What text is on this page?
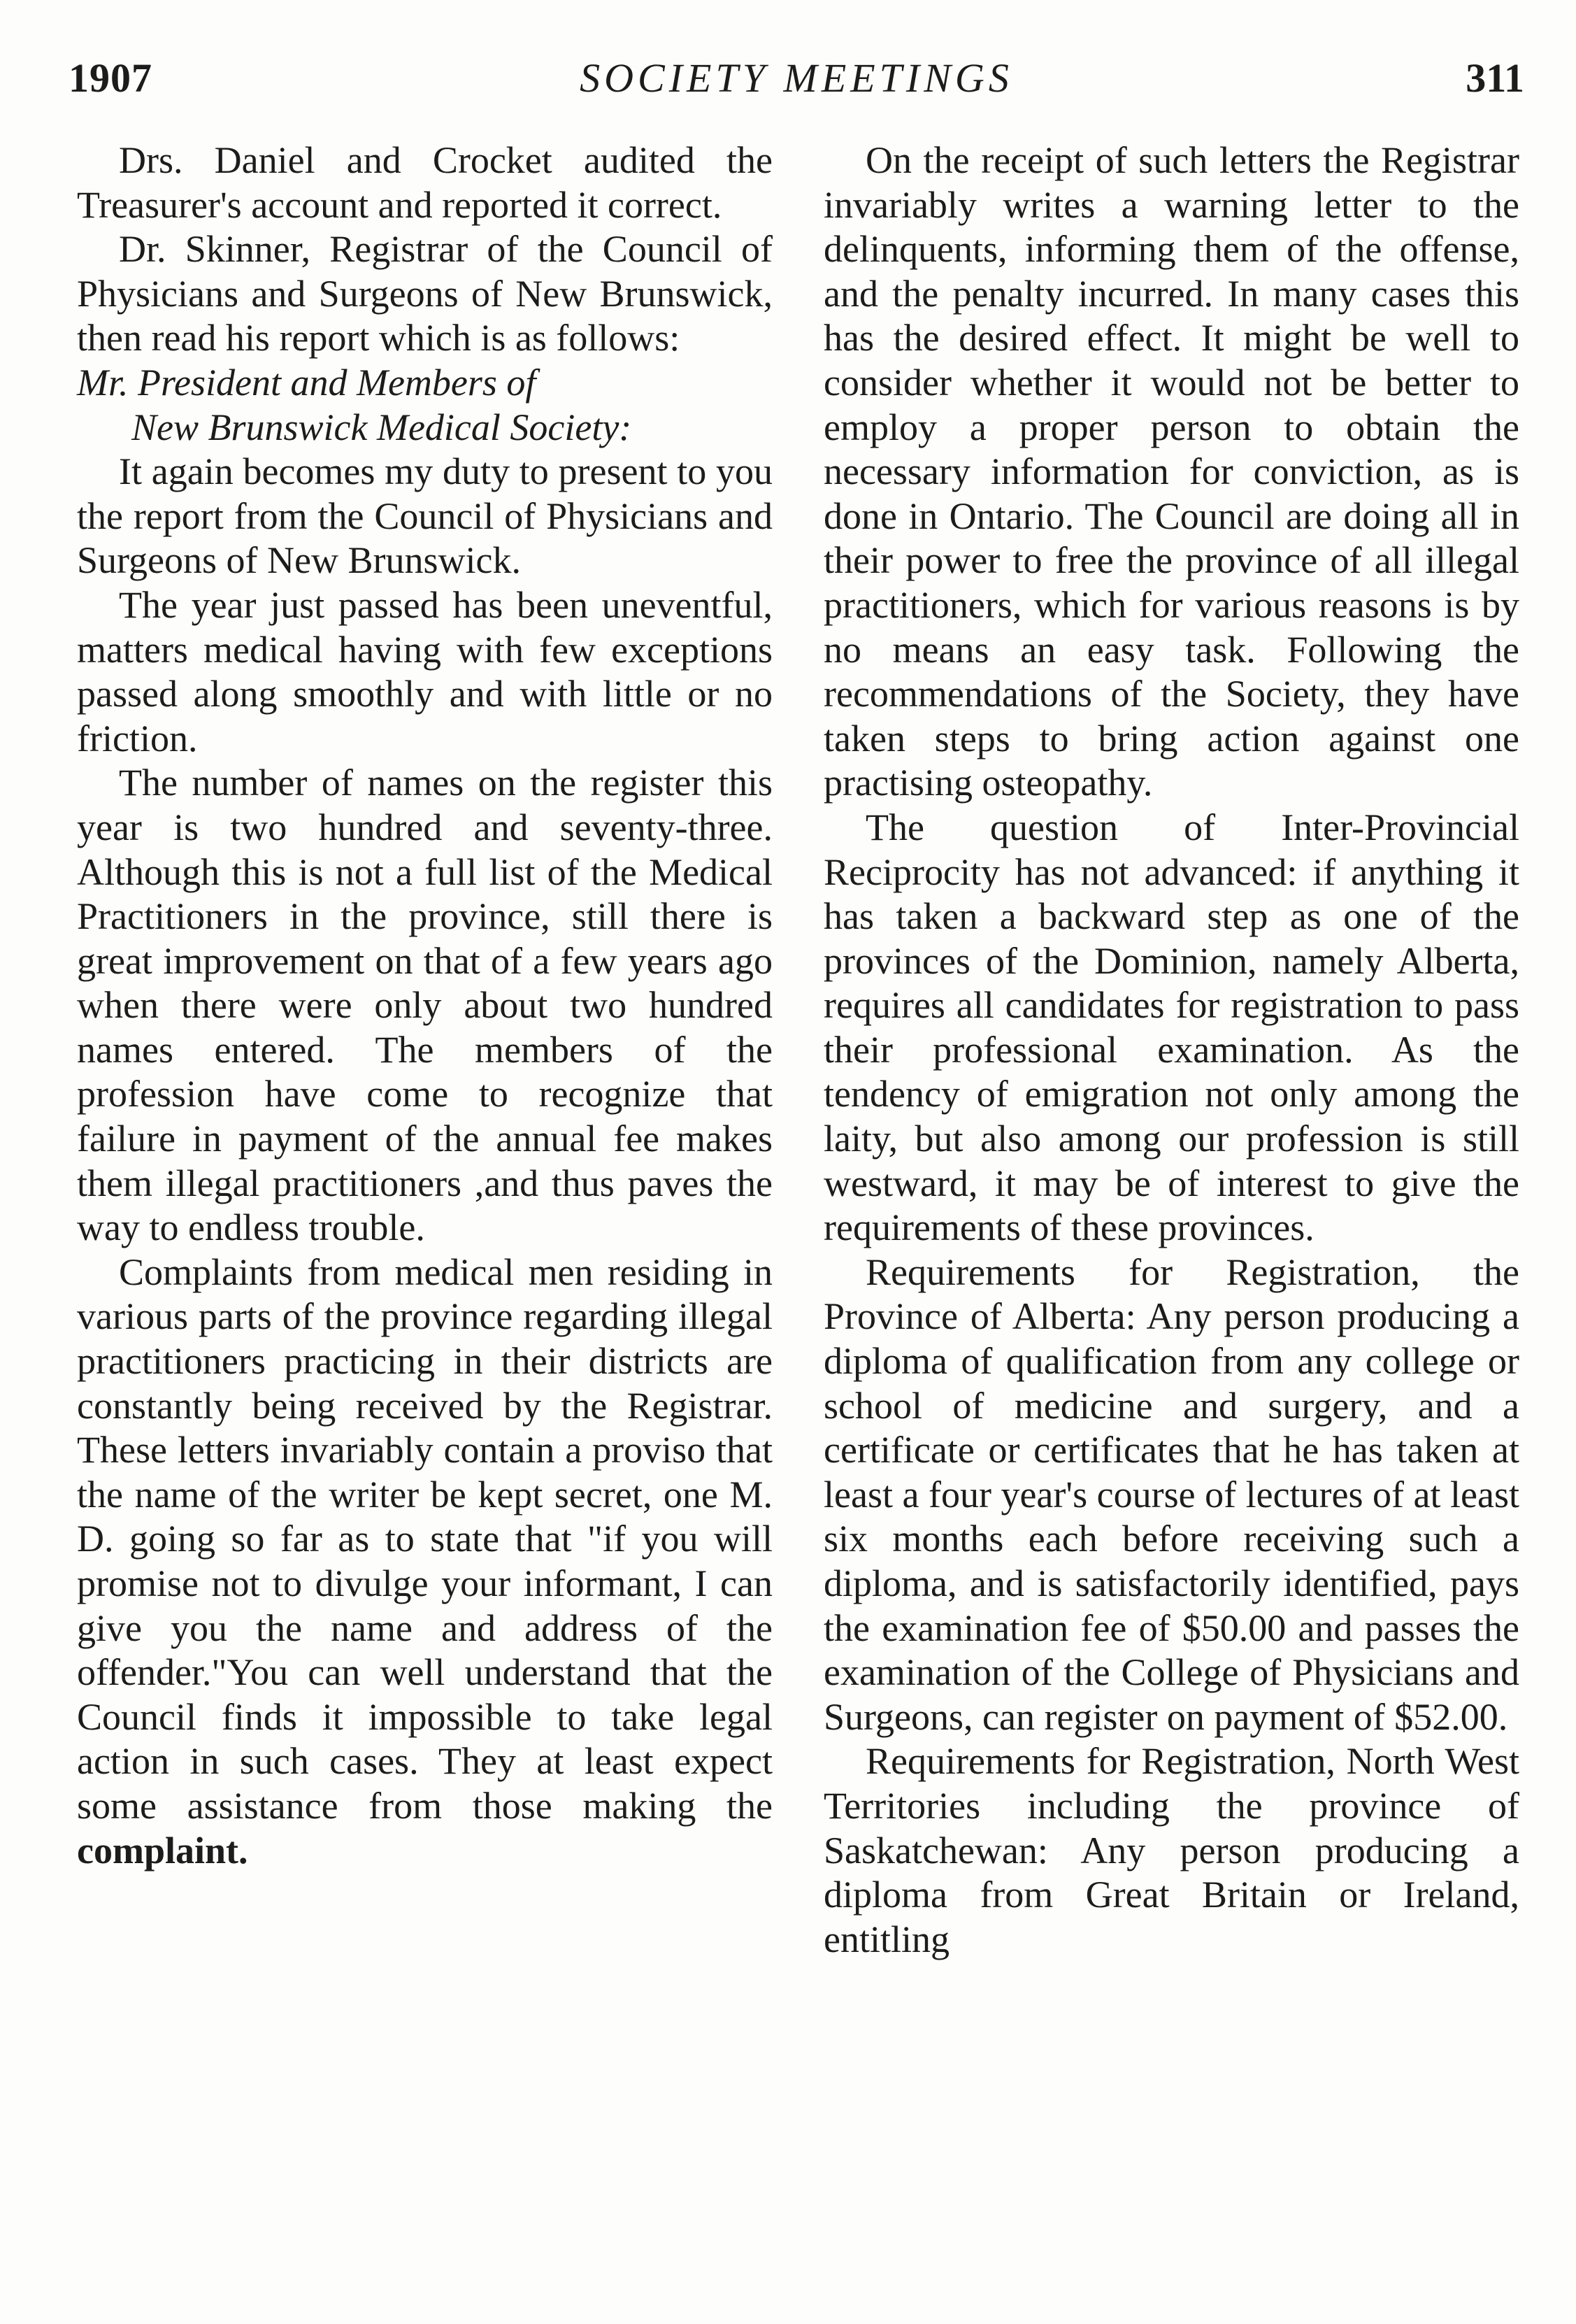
1907	SOCIETY MEETINGS	311

Drs. Daniel and Crocket audited the Treasurer's account and reported it correct.

Dr. Skinner, Registrar of the Council of Physicians and Surgeons of New Brunswick, then read his report which is as follows:

Mr. President and Members of
New Brunswick Medical Society:

It again becomes my duty to present to you the report from the Council of Physicians and Surgeons of New Brunswick.

The year just passed has been uneventful, matters medical having with few exceptions passed along smoothly and with little or no friction.

The number of names on the register this year is two hundred and seventy-three. Although this is not a full list of the Medical Practitioners in the province, still there is great improvement on that of a few years ago when there were only about two hundred names entered. The members of the profession have come to recognize that failure in payment of the annual fee makes them illegal practitioners ,and thus paves the way to endless trouble.

Complaints from medical men residing in various parts of the province regarding illegal practitioners practicing in their districts are constantly being received by the Registrar. These letters invariably contain a proviso that the name of the writer be kept secret, one M. D. going so far as to state that "if you will promise not to divulge your informant, I can give you the name and address of the offender."You can well understand that the Council finds it impossible to take legal action in such cases. They at least expect some assistance from those making the complaint.

On the receipt of such letters the Registrar invariably writes a warning letter to the delinquents, informing them of the offense, and the penalty incurred. In many cases this has the desired effect. It might be well to consider whether it would not be better to employ a proper person to obtain the necessary information for conviction, as is done in Ontario. The Council are doing all in their power to free the province of all illegal practitioners, which for various reasons is by no means an easy task. Following the recommendations of the Society, they have taken steps to bring action against one practising osteopathy.

The question of Inter-Provincial Reciprocity has not advanced: if anything it has taken a backward step as one of the provinces of the Dominion, namely Alberta, requires all candidates for registration to pass their professional examination. As the tendency of emigration not only among the laity, but also among our profession is still westward, it may be of interest to give the requirements of these provinces.

Requirements for Registration, the Province of Alberta: Any person producing a diploma of qualification from any college or school of medicine and surgery, and a certificate or certificates that he has taken at least a four year's course of lectures of at least six months each before receiving such a diploma, and is satisfactorily identified, pays the examination fee of $50.00 and passes the examination of the College of Physicians and Surgeons, can register on payment of $52.00.

Requirements for Registration, North West Territories including the province of Saskatchewan: Any person producing a diploma from Great Britain or Ireland, entitling
